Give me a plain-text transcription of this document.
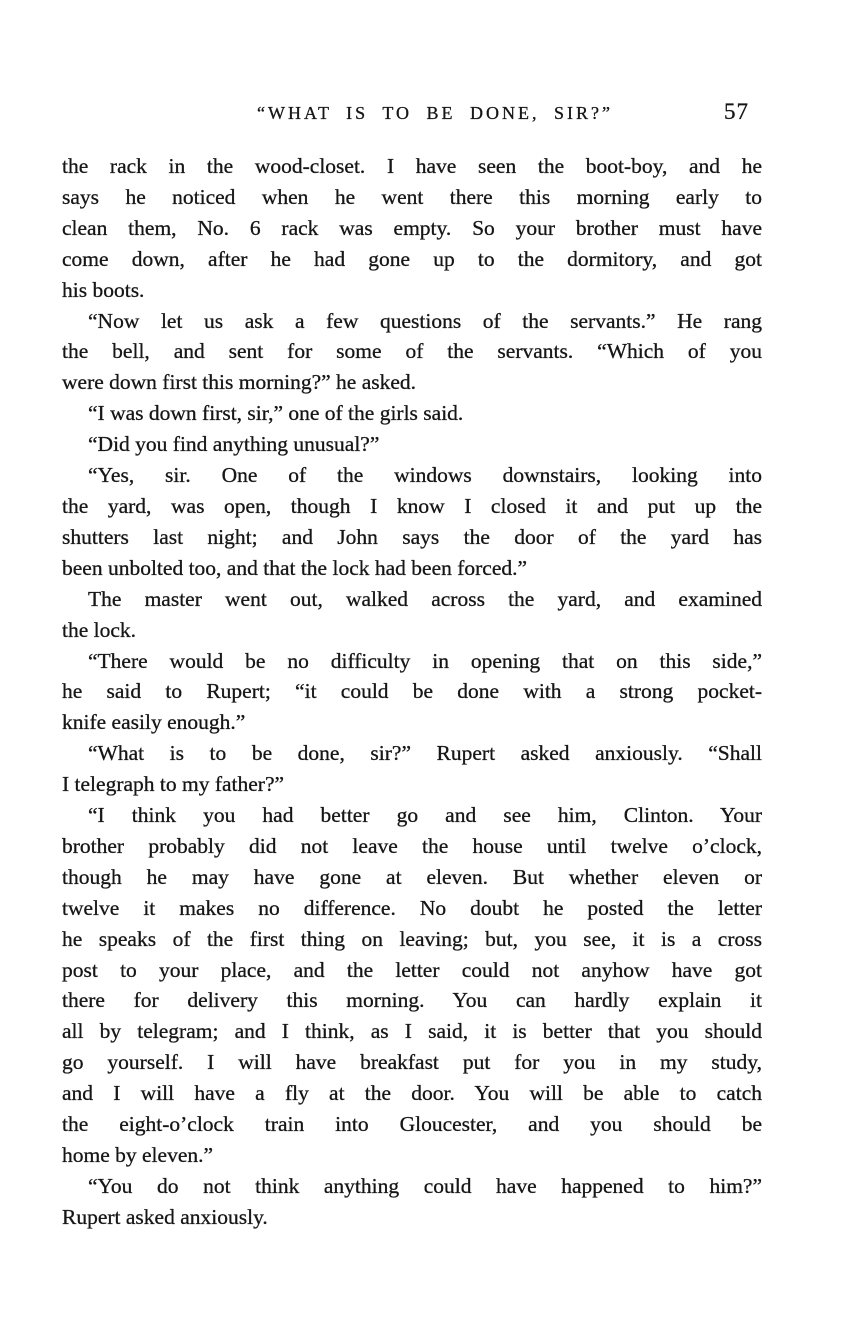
“WHAT IS TO BE DONE, SIR?”	57
the rack in the wood-closet. I have seen the boot-boy, and he
says he noticed when he went there this morning early to
clean them, No. 6 rack was empty. So your brother must have
come down, after he had gone up to the dormitory, and got
his boots.
“Now let us ask a few questions of the servants.” He rang
the bell, and sent for some of the servants. “Which of you
were down first this morning?” he asked.
“I was down first, sir,” one of the girls said.
“Did you find anything unusual?”
“Yes, sir. One of the windows downstairs, looking into
the yard, was open, though I know I closed it and put up the
shutters last night; and John says the door of the yard has
been unbolted too, and that the lock had been forced.”
The master went out, walked across the yard, and examined
the lock.
“There would be no difficulty in opening that on this side,”
he said to Rupert; “it could be done with a strong pocket-
knife easily enough.”
“What is to be done, sir?” Rupert asked anxiously. “Shall
I telegraph to my father?”
“I think you had better go and see him, Clinton. Your
brother probably did not leave the house until twelve o’clock,
though he may have gone at eleven. But whether eleven or
twelve it makes no difference. No doubt he posted the letter
he speaks of the first thing on leaving; but, you see, it is a cross
post to your place, and the letter could not anyhow have got
there for delivery this morning. You can hardly explain it
all by telegram; and I think, as I said, it is better that you should
go yourself. I will have breakfast put for you in my study,
and I will have a fly at the door. You will be able to catch
the eight-o’clock train into Gloucester, and you should be
home by eleven.”
“You do not think anything could have happened to him?”
Rupert asked anxiously.
